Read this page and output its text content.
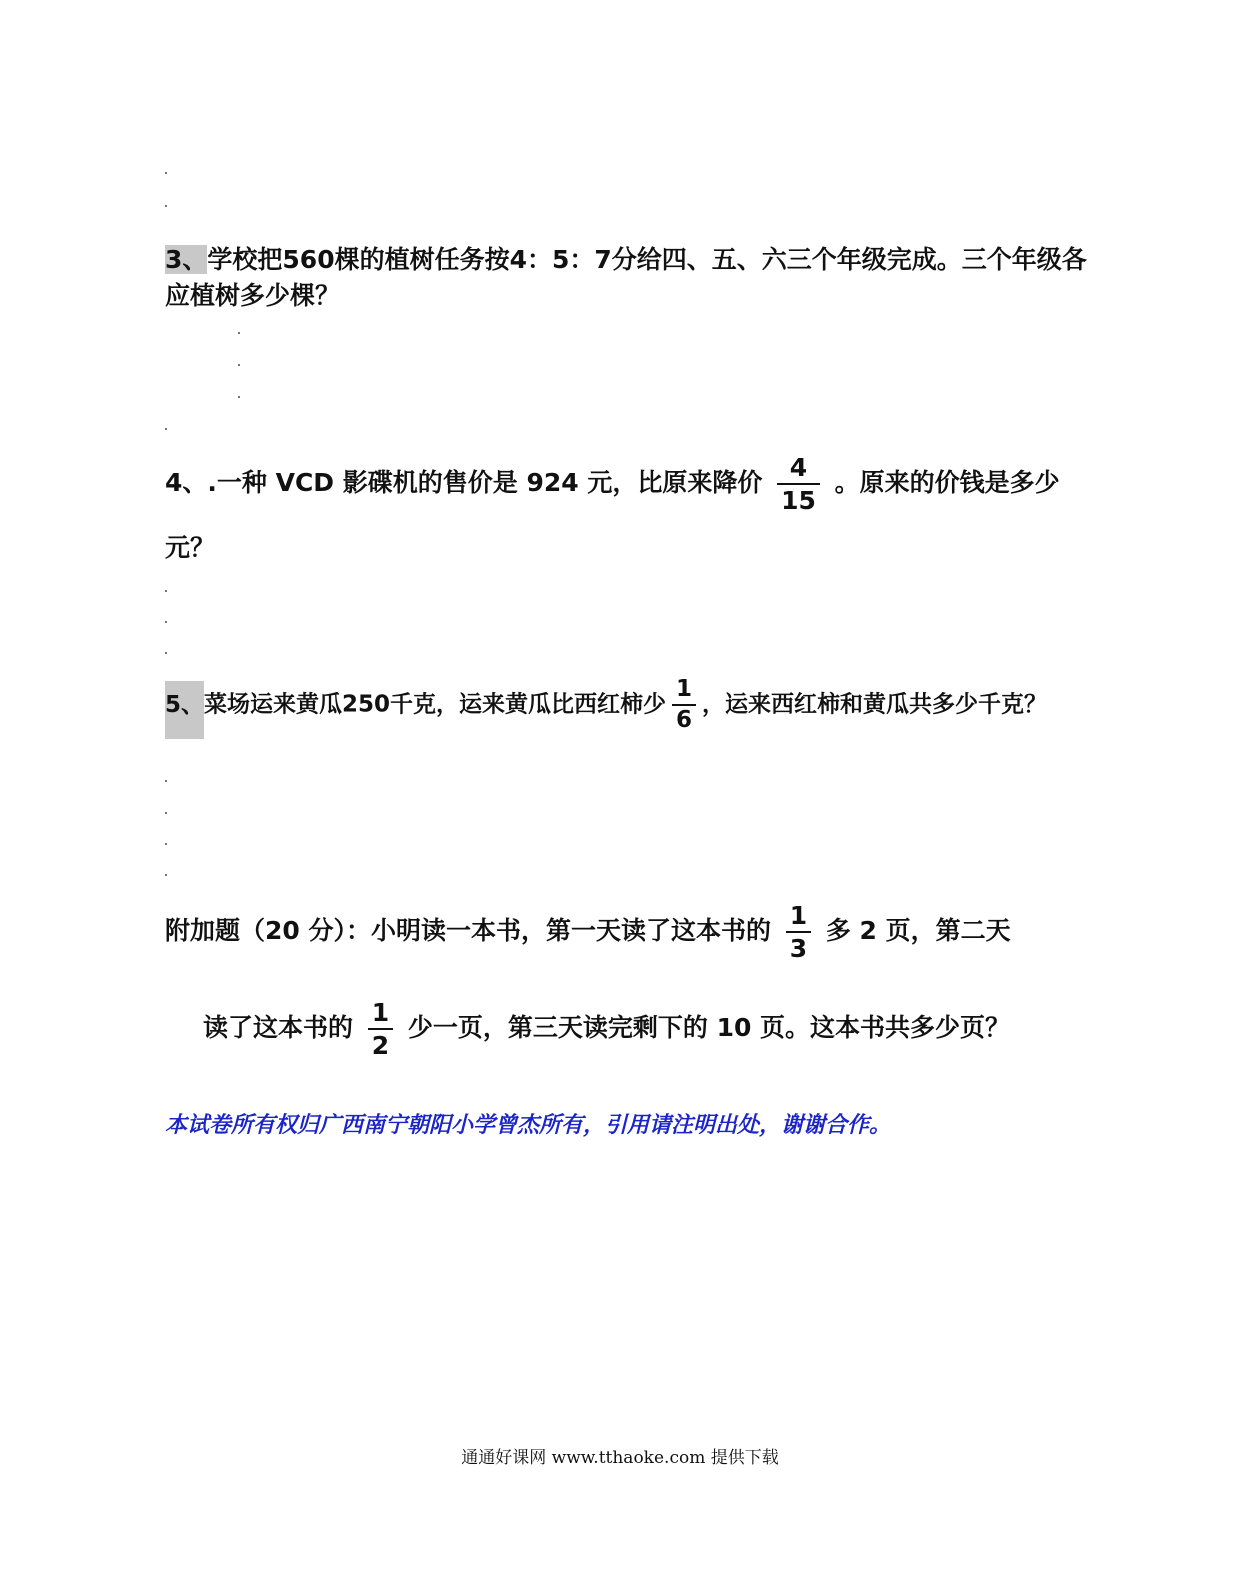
3、学校把560棵的植树任务按4：5：7分给四、五、六三个年级完成。三个年级各
应植树多少棵？
4、.一种 VCD 影碟机的售价是 924 元，比原来降价 $\frac{4}{15}$ 。原来的价钱是多少
元？
5、菜场运来黄瓜250千克，运来黄瓜比西红柿少 $\frac{1}{6}$ ，运来西红柿和黄瓜共多少千克？
附加题（20 分）：小明读一本书，第一天读了这本书的 $\frac{1}{3}$ 多 2 页，第二天
读了这本书的 $\frac{1}{2}$ 少一页，第三天读完剩下的 10 页。这本书共多少页？
本试卷所有权归广西南宁朝阳小学曾杰所有，引用请注明出处，谢谢合作。
通通好课网 www.tthaoke.com 提供下载
